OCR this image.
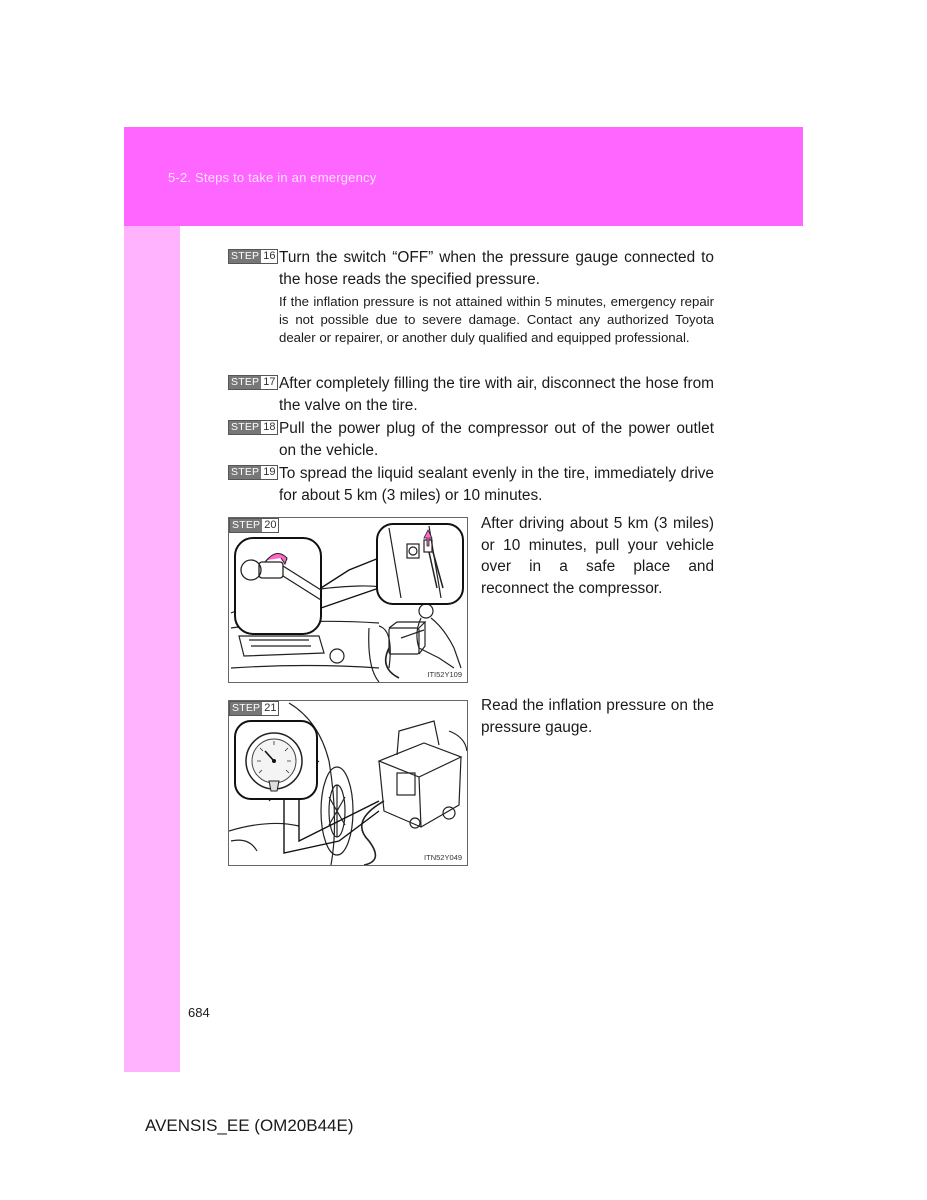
5-2. Steps to take in an emergency
STEP 16 Turn the switch “OFF” when the pressure gauge connected to the hose reads the specified pressure.
If the inflation pressure is not attained within 5 minutes, emergency repair is not possible due to severe damage. Contact any authorized Toyota dealer or repairer, or another duly qualified and equipped professional.
STEP 17 After completely filling the tire with air, disconnect the hose from the valve on the tire.
STEP 18 Pull the power plug of the compressor out of the power outlet on the vehicle.
STEP 19 To spread the liquid sealant evenly in the tire, immediately drive for about 5 km (3 miles) or 10 minutes.
STEP 20
ITI52Y109
After driving about 5 km (3 miles) or 10 minutes, pull your vehicle over in a safe place and reconnect the compressor.
STEP 21
ITN52Y049
Read the inflation pressure on the pressure gauge.
684
AVENSIS_EE (OM20B44E)
